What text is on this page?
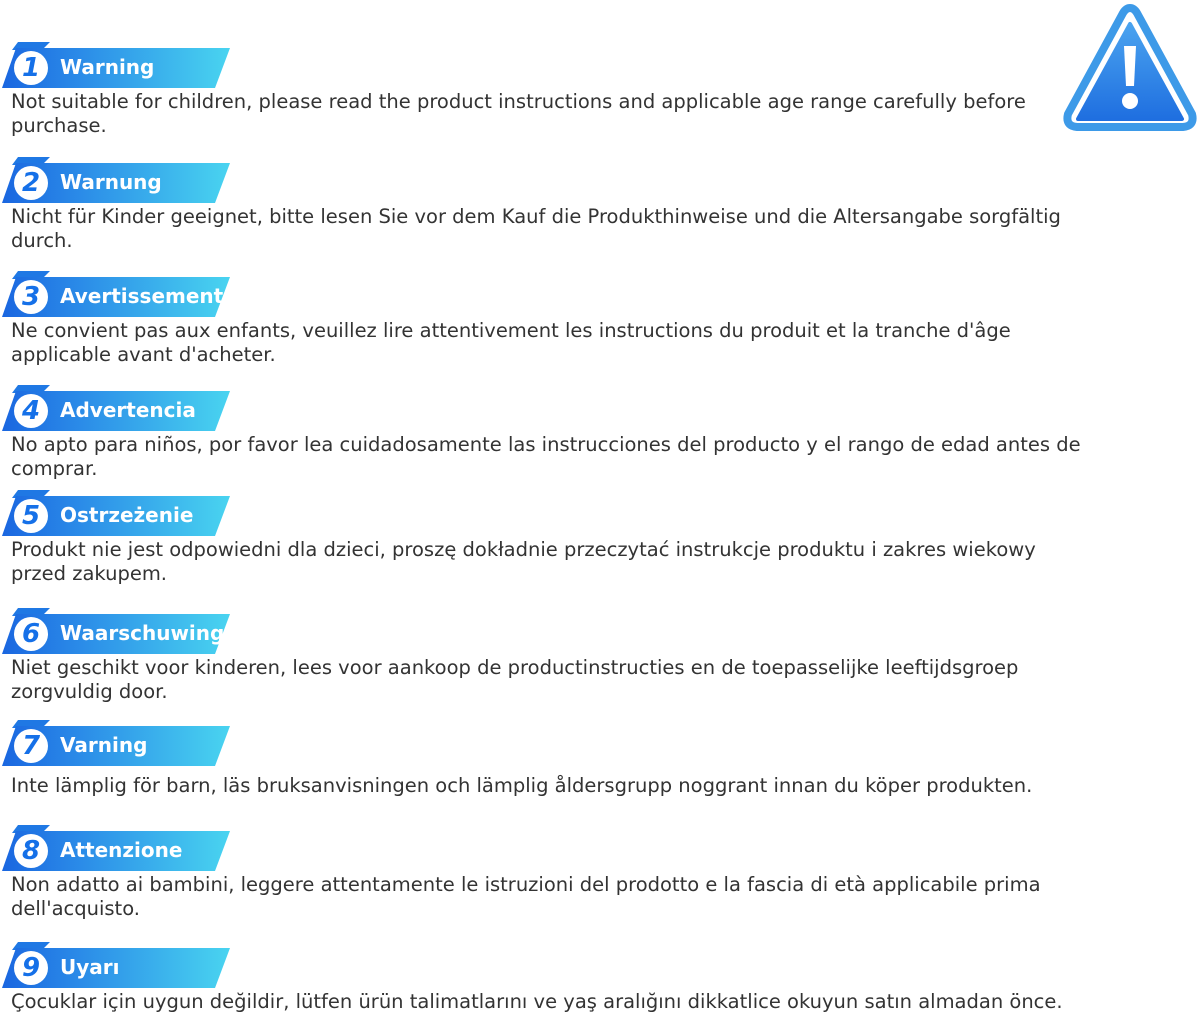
1 Warning
Not suitable for children, please read the product instructions and applicable age range carefully before purchase.
2 Warnung
Nicht für Kinder geeignet, bitte lesen Sie vor dem Kauf die Produkthinweise und die Altersangabe sorgfältig durch.
3 Avertissement
Ne convient pas aux enfants, veuillez lire attentivement les instructions du produit et la tranche d'âge applicable avant d'acheter.
4 Advertencia
No apto para niños, por favor lea cuidadosamente las instrucciones del producto y el rango de edad antes de comprar.
5 Ostrzeżenie
Produkt nie jest odpowiedni dla dzieci, proszę dokładnie przeczytać instrukcje produktu i zakres wiekowy przed zakupem.
6 Waarschuwing
Niet geschikt voor kinderen, lees voor aankoop de productinstructies en de toepasselijke leeftijdsgroep zorgvuldig door.
7 Varning
Inte lämplig för barn, läs bruksanvisningen och lämplig åldersgrupp noggrant innan du köper produkten.
8 Attenzione
Non adatto ai bambini, leggere attentamente le istruzioni del prodotto e la fascia di età applicabile prima dell'acquisto.
9 Uyarı
Çocuklar için uygun değildir, lütfen ürün talimatlarını ve yaş aralığını dikkatlice okuyun satın almadan önce.
